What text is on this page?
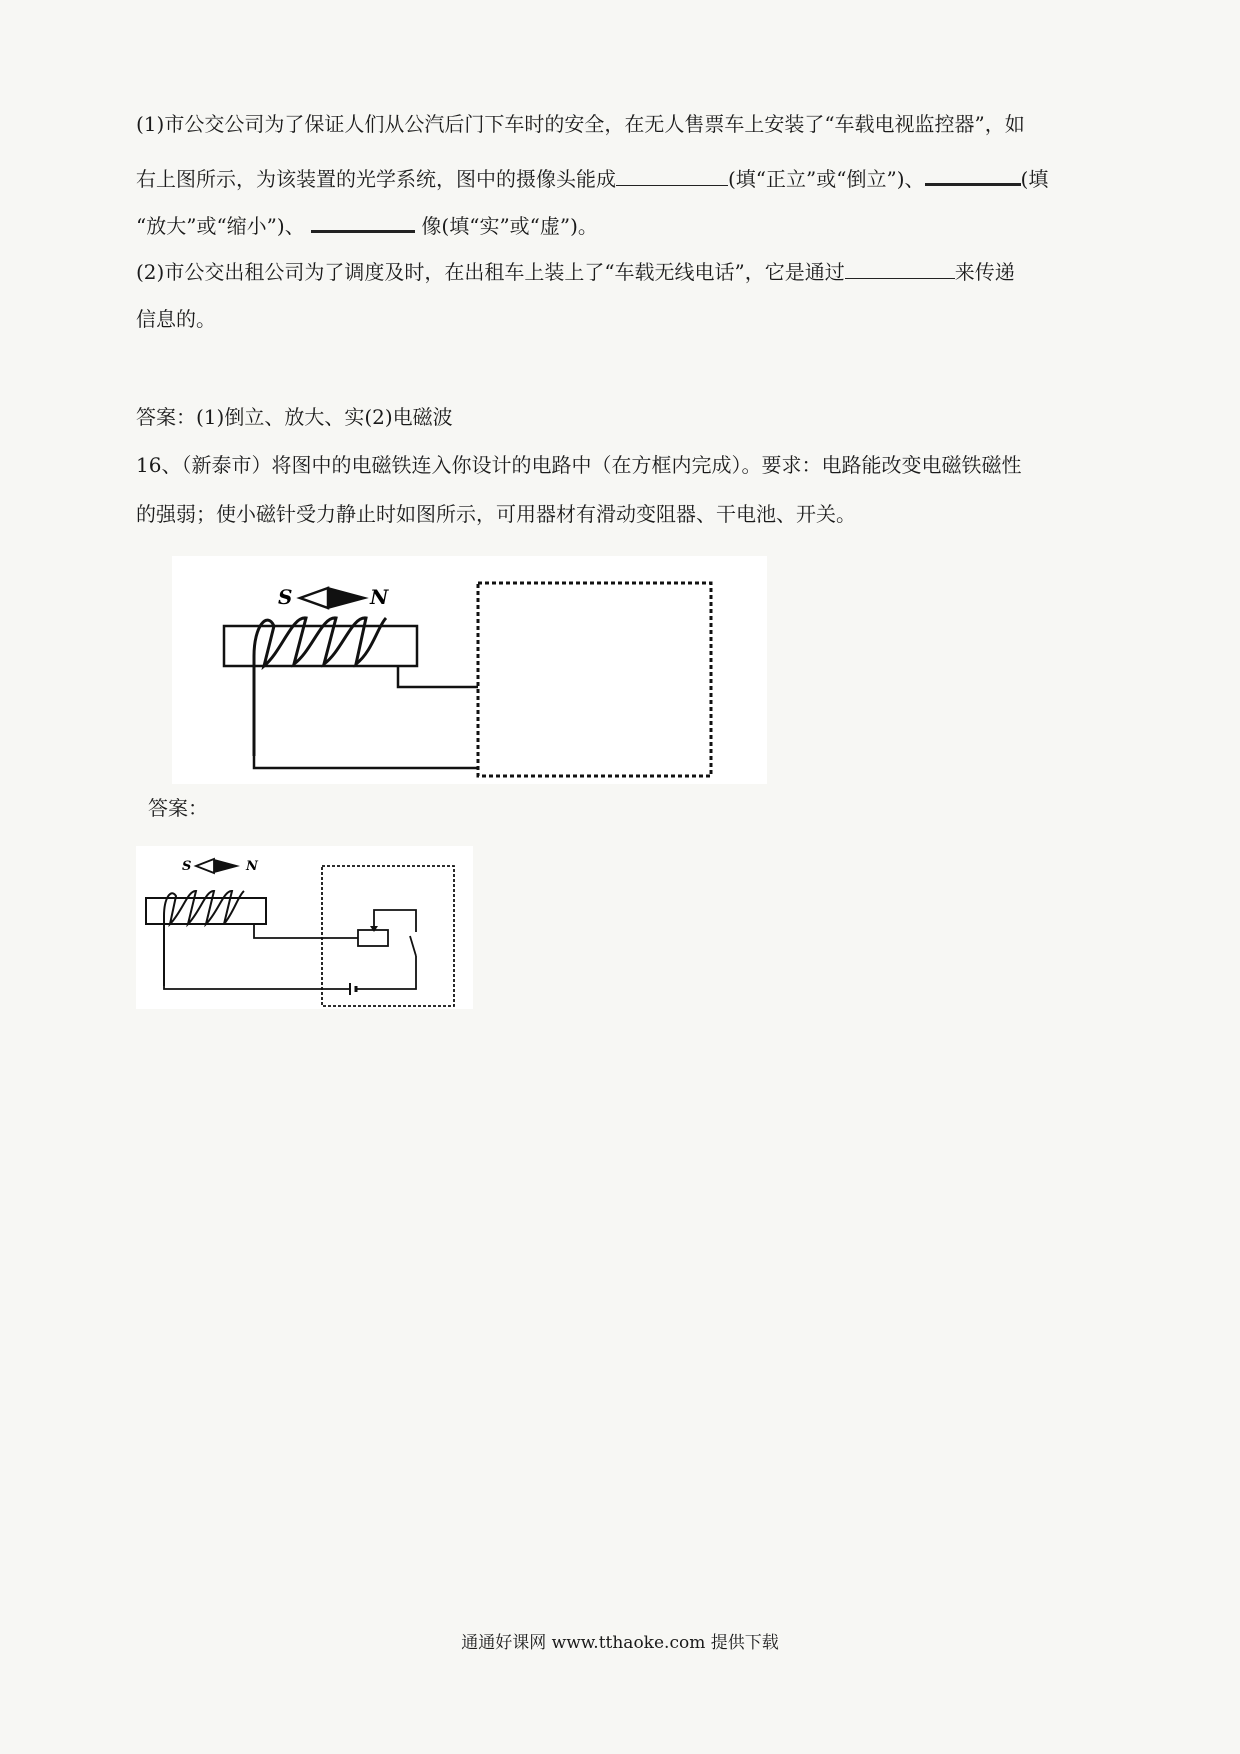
(1)市公交公司为了保证人们从公汽后门下车时的安全，在无人售票车上安装了“车载电视监控器”，如
右上图所示，为该装置的光学系统，图中的摄像头能成	(填“正立”或“倒立”)、	(填
“放大”或“缩小”)、	像(填“实”或“虚”)。
(2)市公交出租公司为了调度及时，在出租车上装上了“车载无线电话”，它是通过	来传递
信息的。
答案：(1)倒立、放大、实(2)电磁波
16、（新泰市）将图中的电磁铁连入你设计的电路中（在方框内完成）。要求：电路能改变电磁铁磁性
的强弱；使小磁针受力静止时如图所示，可用器材有滑动变阻器、干电池、开关。
S	N
答案：
S	N
通通好课网 www.tthaoke.com 提供下载
